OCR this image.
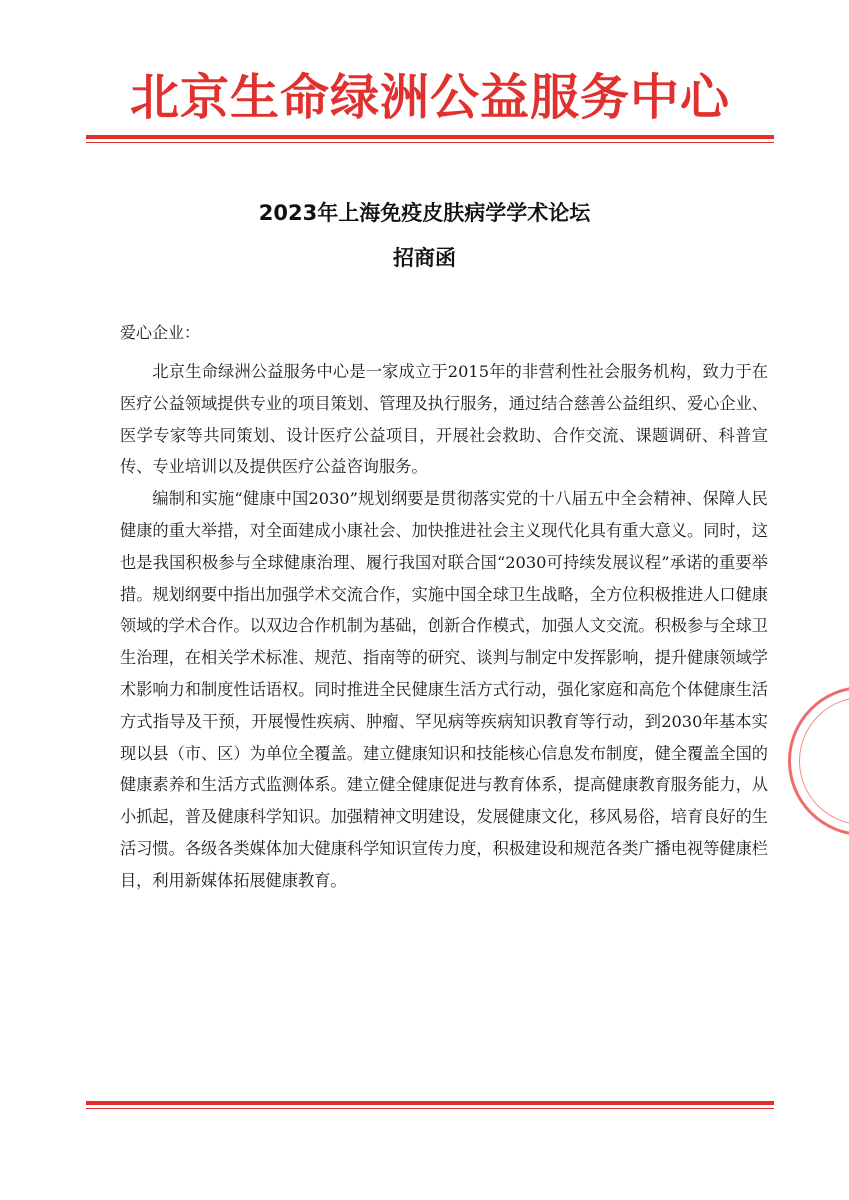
北京生命绿洲公益服务中心
2023年上海免疫皮肤病学学术论坛
招商函
爱心企业：

北京生命绿洲公益服务中心是一家成立于2015年的非营利性社会服务机构，致力于在医疗公益领域提供专业的项目策划、管理及执行服务，通过结合慈善公益组织、爱心企业、医学专家等共同策划、设计医疗公益项目，开展社会救助、合作交流、课题调研、科普宣传、专业培训以及提供医疗公益咨询服务。

编制和实施“健康中国2030”规划纲要是贯彻落实党的十八届五中全会精神、保障人民健康的重大举措，对全面建成小康社会、加快推进社会主义现代化具有重大意义。同时，这也是我国积极参与全球健康治理、履行我国对联合国“2030可持续发展议程”承诺的重要举措。规划纲要中指出加强学术交流合作，实施中国全球卫生战略，全方位积极推进人口健康领域的学术合作。以双边合作机制为基础，创新合作模式，加强人文交流。积极参与全球卫生治理，在相关学术标准、规范、指南等的研究、谈判与制定中发挥影响，提升健康领域学术影响力和制度性话语权。同时推进全民健康生活方式行动，强化家庭和高危个体健康生活方式指导及干预，开展慢性疾病、肿瘤、罕见病等疾病知识教育等行动，到2030年基本实现以县（市、区）为单位全覆盖。建立健康知识和技能核心信息发布制度，健全覆盖全国的健康素养和生活方式监测体系。建立健全健康促进与教育体系，提高健康教育服务能力，从小抓起，普及健康科学知识。加强精神文明建设，发展健康文化，移风易俗，培育良好的生活习惯。各级各类媒体加大健康科学知识宣传力度，积极建设和规范各类广播电视等健康栏目，利用新媒体拓展健康教育。
